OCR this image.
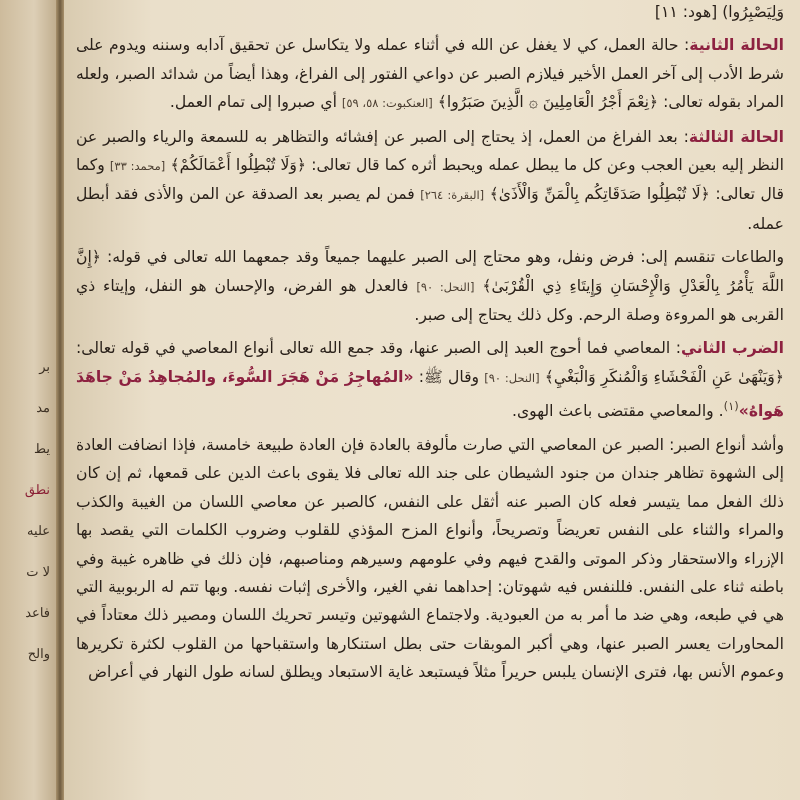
بر
مد
يط
نطق
عليه
لا ت
فاعد
والح

وَلِيَصْبِرُوا) [هود: ١١]

الحالة الثانية: حالة العمل، كي لا يغفل عن الله في أثناء عمله ولا يتكاسل عن تحقيق آدابه وسننه ويدوم على شرط الأدب إلى آخر العمل الأخير فيلازم الصبر عن دواعي الفتور إلى الفراغ، وهذا أيضاً من شدائد الصبر، ولعله المراد بقوله تعالى: ﴿نِعْمَ أَجْرُ الْعَامِلِينَ ۞ الَّذِينَ صَبَرُوا﴾ [العنكبوت: ٥٨، ٥٩] أي صبروا إلى تمام العمل.

الحالة الثالثة: بعد الفراغ من العمل، إذ يحتاج إلى الصبر عن إفشائه والتظاهر به للسمعة والرياء والصبر عن النظر إليه بعين العجب وعن كل ما يبطل عمله ويحبط أثره كما قال تعالى: ﴿وَلَا تُبْطِلُوا أَعْمَالَكُمْ﴾ [محمد: ٣٣] وكما قال تعالى: ﴿لَا تُبْطِلُوا صَدَقَاتِكُم بِالْمَنِّ وَالْأَذَىٰ﴾ [البقرة: ٢٦٤] فمن لم يصبر بعد الصدقة عن المن والأذى فقد أبطل عمله.

والطاعات تنقسم إلى: فرض ونفل، وهو محتاج إلى الصبر عليهما جميعاً وقد جمعهما الله تعالى في قوله: ﴿إِنَّ اللَّهَ يَأْمُرُ بِالْعَدْلِ وَالْإِحْسَانِ وَإِيتَاءِ ذِي الْقُرْبَىٰ﴾ [النحل: ٩٠] فالعدل هو الفرض، والإحسان هو النفل، وإيتاء ذي القربى هو المروءة وصلة الرحم. وكل ذلك يحتاج إلى صبر.

الضرب الثاني: المعاصي فما أحوج العبد إلى الصبر عنها، وقد جمع الله تعالى أنواع المعاصي في قوله تعالى: ﴿وَيَنْهَىٰ عَنِ الْفَحْشَاءِ وَالْمُنكَرِ وَالْبَغْيِ﴾ [النحل: ٩٠] وقال ﷺ: «المُهاجِرُ مَنْ هَجَرَ السُّوءَ، والمُجاهِدُ مَنْ جاهَدَ هَواهُ»$^{(١)}$. والمعاصي مقتضى باعث الهوى.

وأشد أنواع الصبر: الصبر عن المعاصي التي صارت مألوفة بالعادة فإن العادة طبيعة خامسة، فإذا انضافت العادة إلى الشهوة تظاهر جندان من جنود الشيطان على جند الله تعالى فلا يقوى باعث الدين على قمعها، ثم إن كان ذلك الفعل مما يتيسر فعله كان الصبر عنه أثقل على النفس، كالصبر عن معاصي اللسان من الغيبة والكذب والمراء والثناء على النفس تعريضاً وتصريحاً، وأنواع المزح المؤذي للقلوب وضروب الكلمات التي يقصد بها الإزراء والاستحقار وذكر الموتى والقدح فيهم وفي علومهم وسيرهم ومناصبهم، فإن ذلك في ظاهره غيبة وفي باطنه ثناء على النفس. فللنفس فيه شهوتان: إحداهما نفي الغير، والأخرى إثبات نفسه. وبها تتم له الربوبية التي هي في طبعه، وهي ضد ما أمر به من العبودية. ولاجتماع الشهوتين وتيسر تحريك اللسان ومصير ذلك معتاداً في المحاورات يعسر الصبر عنها، وهي أكبر الموبقات حتى بطل استنكارها واستقباحها من القلوب لكثرة تكريرها وعموم الأنس بها، فترى الإنسان يلبس حريراً مثلاً فيستبعد غاية الاستبعاد ويطلق لسانه طول النهار في أعراض
